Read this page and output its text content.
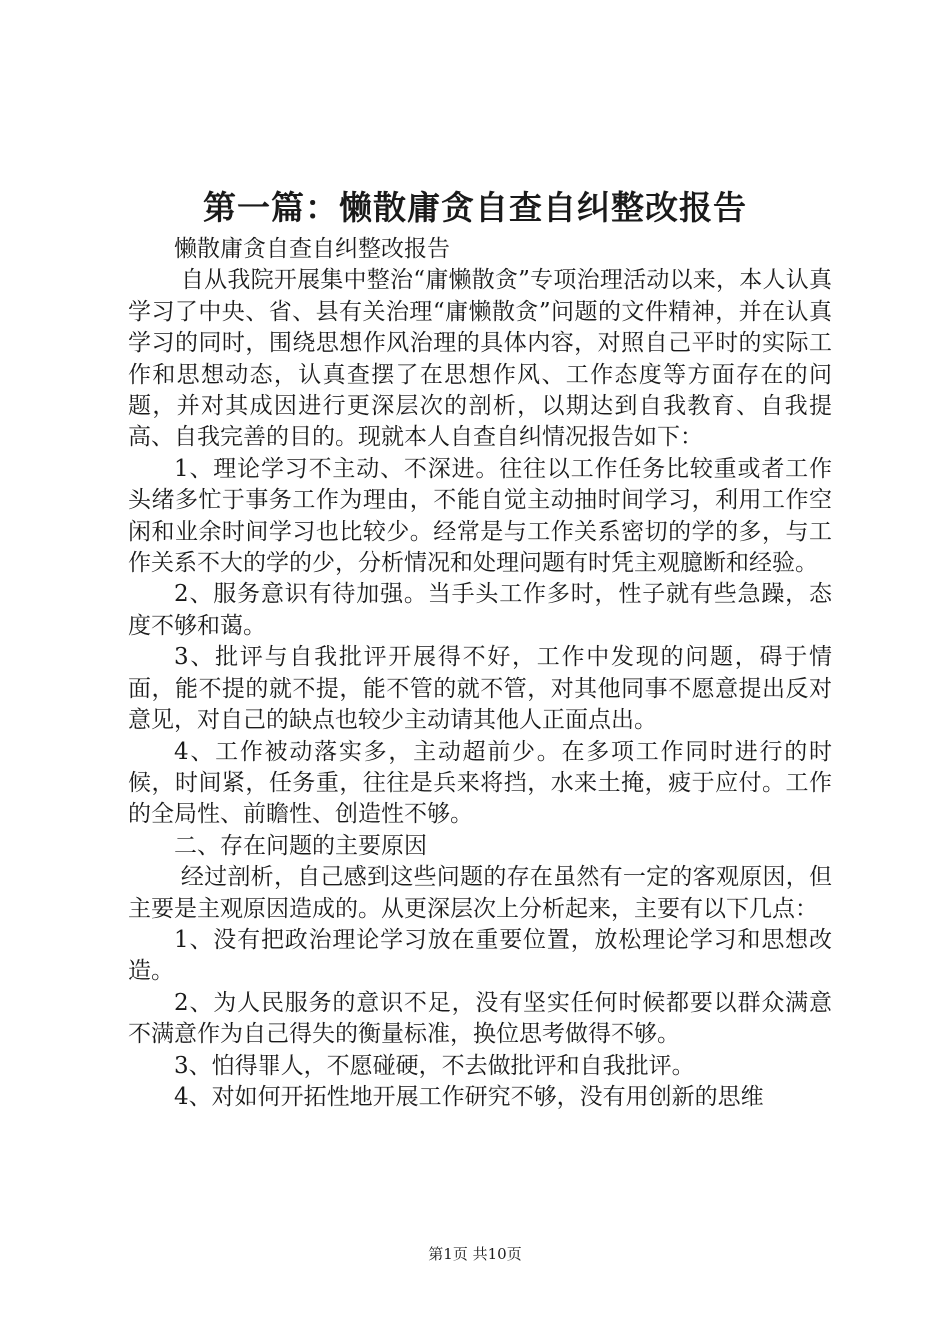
第一篇：懒散庸贪自查自纠整改报告

懒散庸贪自查自纠整改报告

自从我院开展集中整治“庸懒散贪”专项治理活动以来，本人认真学习了中央、省、县有关治理“庸懒散贪”问题的文件精神，并在认真学习的同时，围绕思想作风治理的具体内容，对照自己平时的实际工作和思想动态，认真查摆了在思想作风、工作态度等方面存在的问题，并对其成因进行更深层次的剖析，以期达到自我教育、自我提高、自我完善的目的。现就本人自查自纠情况报告如下：

1、理论学习不主动、不深进。往往以工作任务比较重或者工作头绪多忙于事务工作为理由，不能自觉主动抽时间学习，利用工作空闲和业余时间学习也比较少。经常是与工作关系密切的学的多，与工作关系不大的学的少，分析情况和处理问题有时凭主观臆断和经验。

2、服务意识有待加强。当手头工作多时，性子就有些急躁，态度不够和蔼。

3、批评与自我批评开展得不好，工作中发现的问题，碍于情面，能不提的就不提，能不管的就不管，对其他同事不愿意提出反对意见，对自己的缺点也较少主动请其他人正面点出。

4、工作被动落实多，主动超前少。在多项工作同时进行的时候，时间紧，任务重，往往是兵来将挡，水来土掩，疲于应付。工作的全局性、前瞻性、创造性不够。

二、存在问题的主要原因

经过剖析，自己感到这些问题的存在虽然有一定的客观原因，但主要是主观原因造成的。从更深层次上分析起来，主要有以下几点：

1、没有把政治理论学习放在重要位置，放松理论学习和思想改造。

2、为人民服务的意识不足，没有坚实任何时候都要以群众满意不满意作为自己得失的衡量标准，换位思考做得不够。

3、怕得罪人，不愿碰硬，不去做批评和自我批评。

4、对如何开拓性地开展工作研究不够，没有用创新的思维

第1页 共10页
